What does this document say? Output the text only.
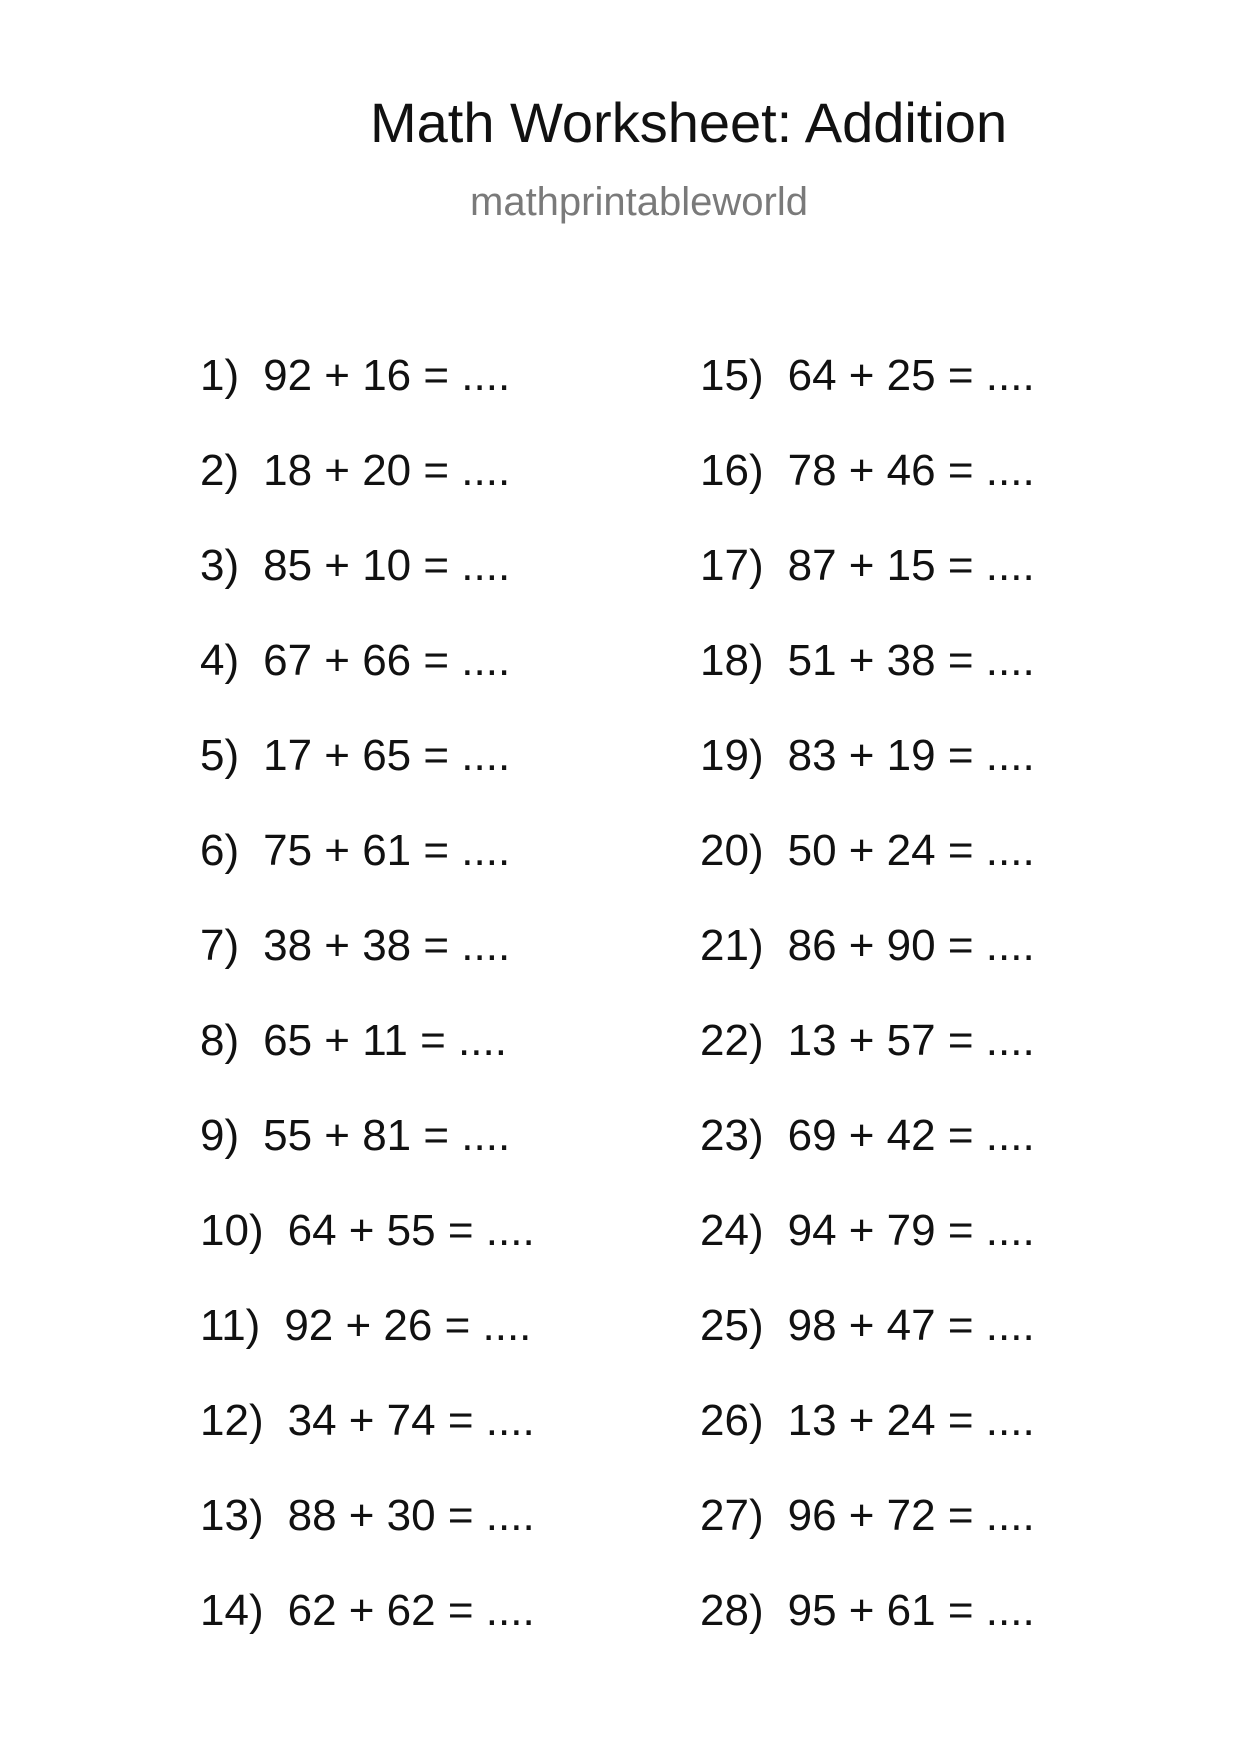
Math Worksheet: Addition
mathprintableworld
1) 92 + 16 = ....
2) 18 + 20 = ....
3) 85 + 10 = ....
4) 67 + 66 = ....
5) 17 + 65 = ....
6) 75 + 61 = ....
7) 38 + 38 = ....
8) 65 + 11 = ....
9) 55 + 81 = ....
10) 64 + 55 = ....
11) 92 + 26 = ....
12) 34 + 74 = ....
13) 88 + 30 = ....
14) 62 + 62 = ....
15) 64 + 25 = ....
16) 78 + 46 = ....
17) 87 + 15 = ....
18) 51 + 38 = ....
19) 83 + 19 = ....
20) 50 + 24 = ....
21) 86 + 90 = ....
22) 13 + 57 = ....
23) 69 + 42 = ....
24) 94 + 79 = ....
25) 98 + 47 = ....
26) 13 + 24 = ....
27) 96 + 72 = ....
28) 95 + 61 = ....
